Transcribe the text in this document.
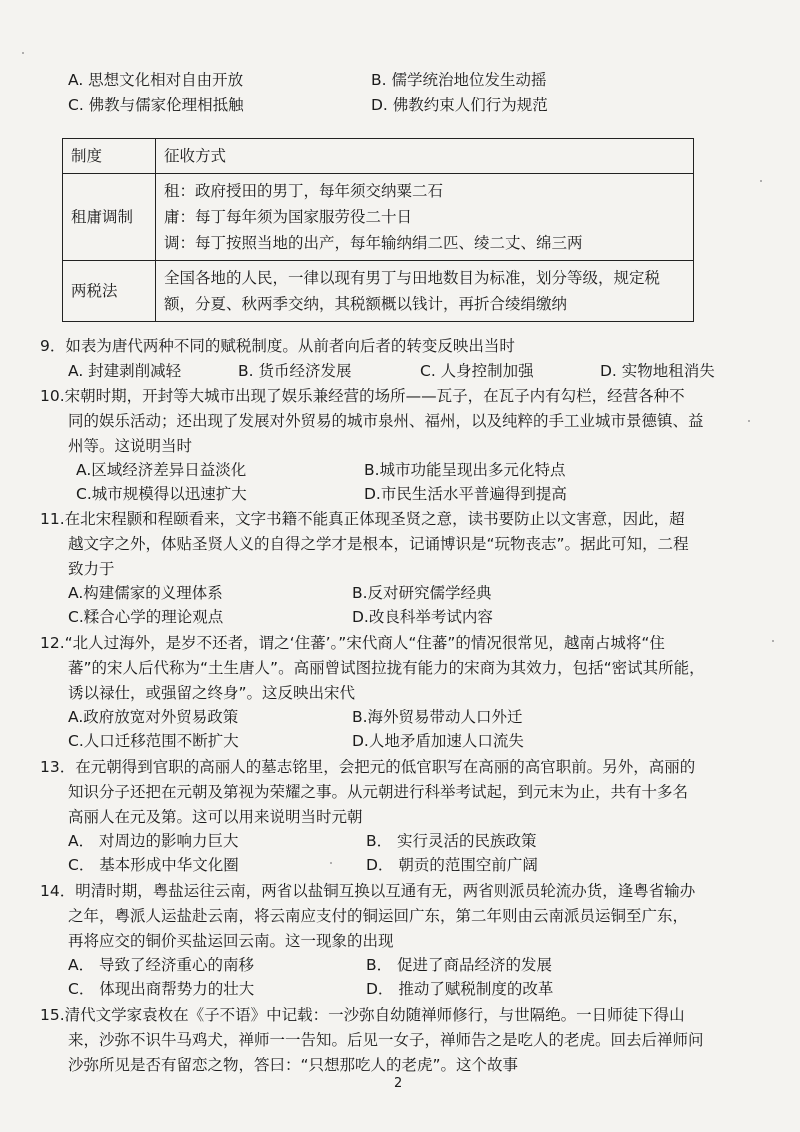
A. 思想文化相对自由开放	B. 儒学统治地位发生动摇
C. 佛教与儒家伦理相抵触	D. 佛教约束人们行为规范
制度	征收方式
租庸调制	租：政府授田的男丁，每年须交纳粟二石
庸：每丁每年须为国家服劳役二十日
调：每丁按照当地的出产，每年输纳绢二匹、绫二丈、绵三两

两税法	全国各地的人民，一律以现有男丁与田地数目为标准，划分等级，规定税
额，分夏、秋两季交纳，其税额概以钱计，再折合绫绢缴纳
9．如表为唐代两种不同的赋税制度。从前者向后者的转变反映出当时
A. 封建剥削减轻	B. 货币经济发展	C. 人身控制加强	D. 实物地租消失
10.宋朝时期，开封等大城市出现了娱乐兼经营的场所——瓦子，在瓦子内有勾栏，经营各种不
同的娱乐活动；还出现了发展对外贸易的城市泉州、福州，以及纯粹的手工业城市景德镇、益
州等。这说明当时
A.区域经济差异日益淡化	B.城市功能呈现出多元化特点
C.城市规模得以迅速扩大	D.市民生活水平普遍得到提高
11.在北宋程颢和程颐看来，文字书籍不能真正体现圣贤之意，读书要防止以文害意，因此，超
越文字之外，体贴圣贤人义的自得之学才是根本，记诵博识是“玩物丧志”。据此可知，二程
致力于
A.构建儒家的义理体系	B.反对研究儒学经典
C.糅合心学的理论观点	D.改良科举考试内容
12.“北人过海外，是岁不还者，谓之‘住蕃’。”宋代商人“住蕃”的情况很常见，越南占城将“住
蕃”的宋人后代称为“土生唐人”。高丽曾试图拉拢有能力的宋商为其效力，包括“密试其所能，
诱以禄仕，或强留之终身”。这反映出宋代
A.政府放宽对外贸易政策	B.海外贸易带动人口外迁
C.人口迁移范围不断扩大	D.人地矛盾加速人口流失
13．在元朝得到官职的高丽人的墓志铭里，会把元的低官职写在高丽的高官职前。另外，高丽的
知识分子还把在元朝及第视为荣耀之事。从元朝进行科举考试起，到元末为止，共有十多名
高丽人在元及第。这可以用来说明当时元朝
A． 对周边的影响力巨大	B． 实行灵活的民族政策
C． 基本形成中华文化圈	D． 朝贡的范围空前广阔
14．明清时期，粤盐运往云南，两省以盐铜互换以互通有无，两省则派员轮流办货，逢粤省输办
之年，粤派人运盐赴云南，将云南应支付的铜运回广东，第二年则由云南派员运铜至广东，
再将应交的铜价买盐运回云南。这一现象的出现
A． 导致了经济重心的南移	B． 促进了商品经济的发展
C． 体现出商帮势力的壮大	D． 推动了赋税制度的改革
15.清代文学家袁枚在《子不语》中记载：一沙弥自幼随禅师修行，与世隔绝。一日师徒下得山
来，沙弥不识牛马鸡犬，禅师一一告知。后见一女子，禅师告之是吃人的老虎。回去后禅师问
沙弥所见是否有留恋之物，答曰：“只想那吃人的老虎”。这个故事
2
